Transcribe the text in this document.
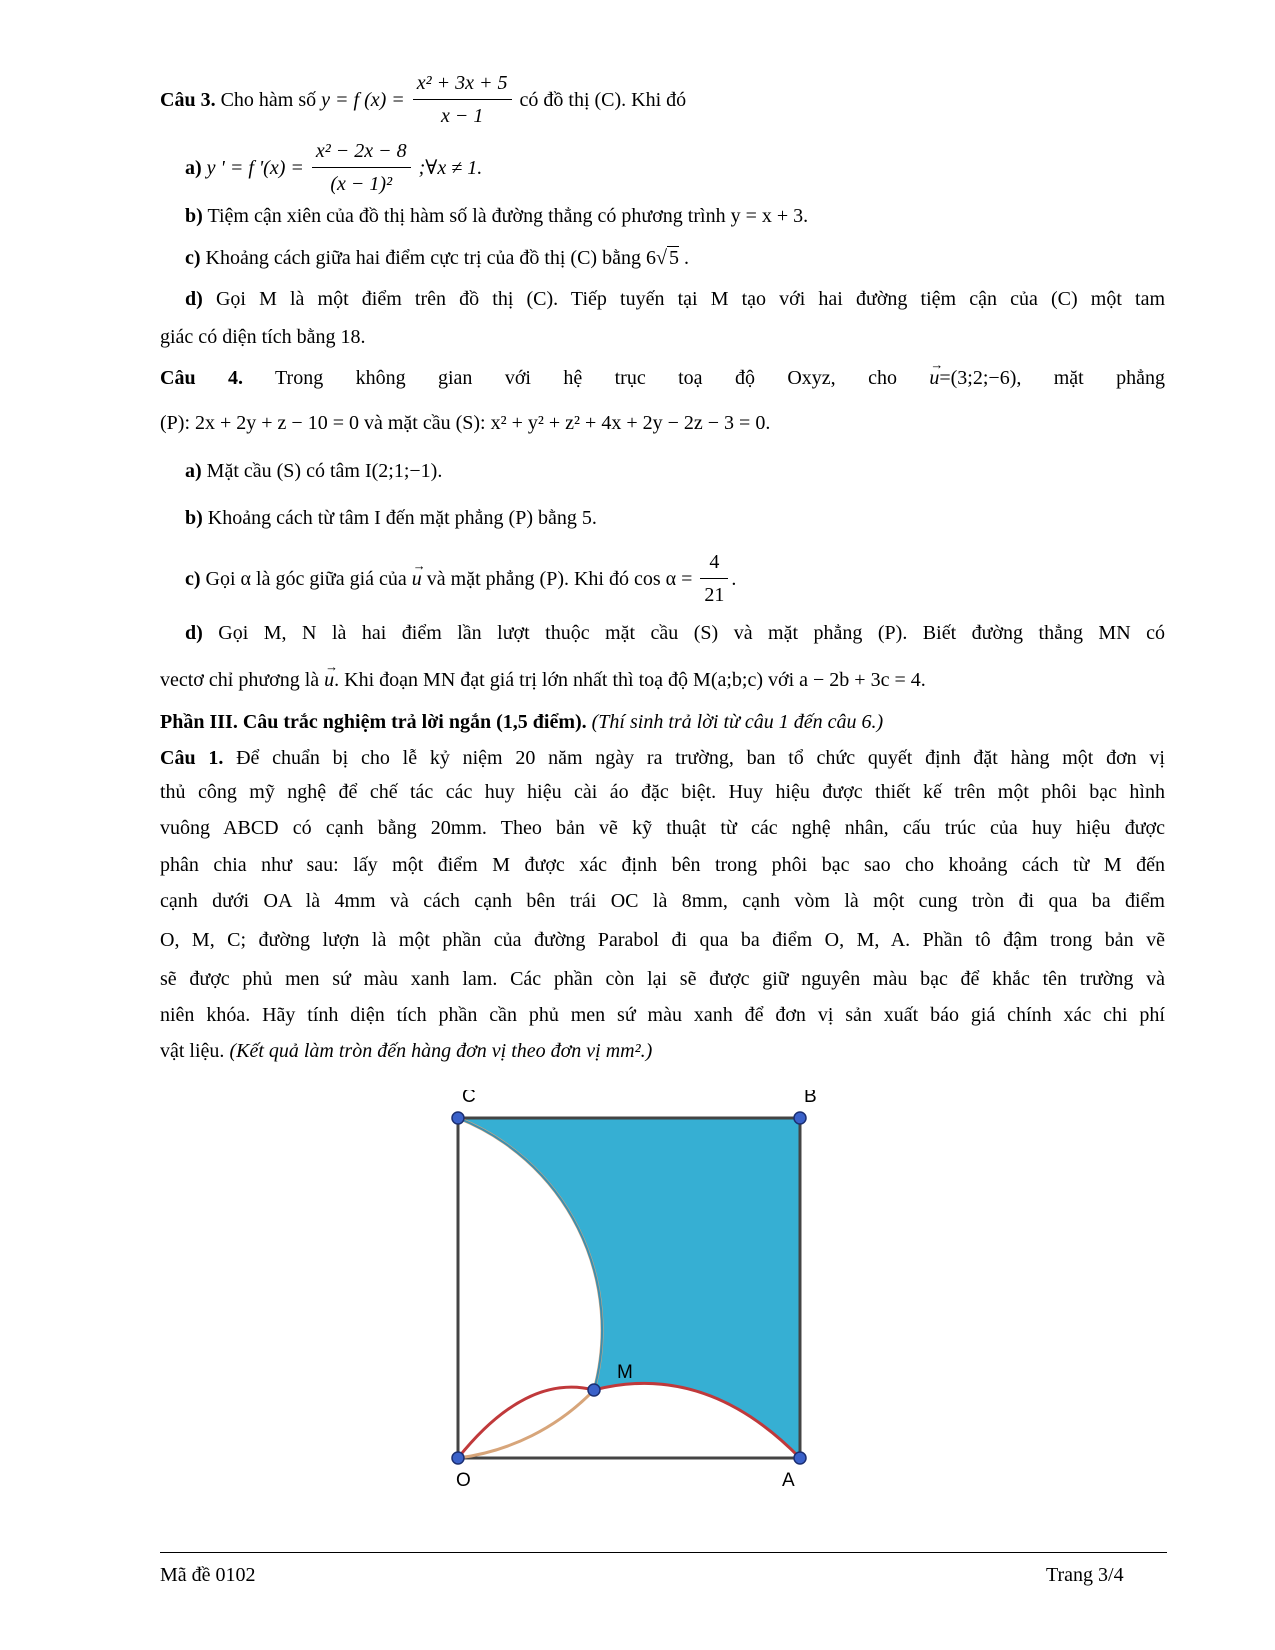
Câu 3. Cho hàm số y = f $(x) = \frac{\text{x² + 3x + 5}}{x - 1}$ có đồ thị (C). Khi đó
a) y ' = f '$(x) = \frac{\text{x² − 2x − 8}}{\text{(x − 1)²}}$ ;∀x ≠ 1.
b) Tiệm cận xiên của đồ thị hàm số là đường thẳng có phương trình y = x + 3.
c) Khoảng cách giữa hai điểm cực trị của đồ thị (C) bằng 6√ 5 .
d) Gọi M là một điểm trên đồ thị (C). Tiếp tuyến tại M tạo với hai đường tiệm cận của (C) một tam
giác có diện tích bằng 18.
Câu 4. Trong không gian với hệ trục toạ độ Oxyz, cho → u=(3;2;−6), mặt phẳng
(P): 2x + 2y + z − 10 = 0 và mặt cầu (S): x² + y² + z² + 4x + 2y − 2z − 3 = 0.
a) Mặt cầu (S) có tâm I(2;1;−1).
b) Khoảng cách từ tâm I đến mặt phẳng (P) bằng 5.
c) Gọi α là góc giữa giá của → u và mặt phẳng (P). Khi đó $\cos \alpha = \frac{4}{21}$ .
d) Gọi M, N là hai điểm lần lượt thuộc mặt cầu (S) và mặt phẳng (P). Biết đường thẳng MN có
vectơ chỉ phương là → u. Khi đoạn MN đạt giá trị lớn nhất thì toạ độ M(a;b;c) với a − 2b + 3c = 4.
Phần III. Câu trắc nghiệm trả lời ngắn (1,5 điểm). (Thí sinh trả lời từ câu 1 đến câu 6.)
Câu 1. Để chuẩn bị cho lễ kỷ niệm 20 năm ngày ra trường, ban tổ chức quyết định đặt hàng một đơn vị
thủ công mỹ nghệ để chế tác các huy hiệu cài áo đặc biệt. Huy hiệu được thiết kế trên một phôi bạc hình
vuông ABCD có cạnh bằng 20mm. Theo bản vẽ kỹ thuật từ các nghệ nhân, cấu trúc của huy hiệu được
phân chia như sau: lấy một điểm M được xác định bên trong phôi bạc sao cho khoảng cách từ M đến
cạnh dưới OA là 4mm và cách cạnh bên trái OC là 8mm, cạnh vòm là một cung tròn đi qua ba điểm
O, M, C; đường lượn là một phần của đường Parabol đi qua ba điểm O, M, A. Phần tô đậm trong bản vẽ
sẽ được phủ men sứ màu xanh lam. Các phần còn lại sẽ được giữ nguyên màu bạc để khắc tên trường và
niên khóa. Hãy tính diện tích phần cần phủ men sứ màu xanh để đơn vị sản xuất báo giá chính xác chi phí
vật liệu. (Kết quả làm tròn đến hàng đơn vị theo đơn vị mm².)
C	B
M
O	A
Mã đề 0102	Trang 3/4
